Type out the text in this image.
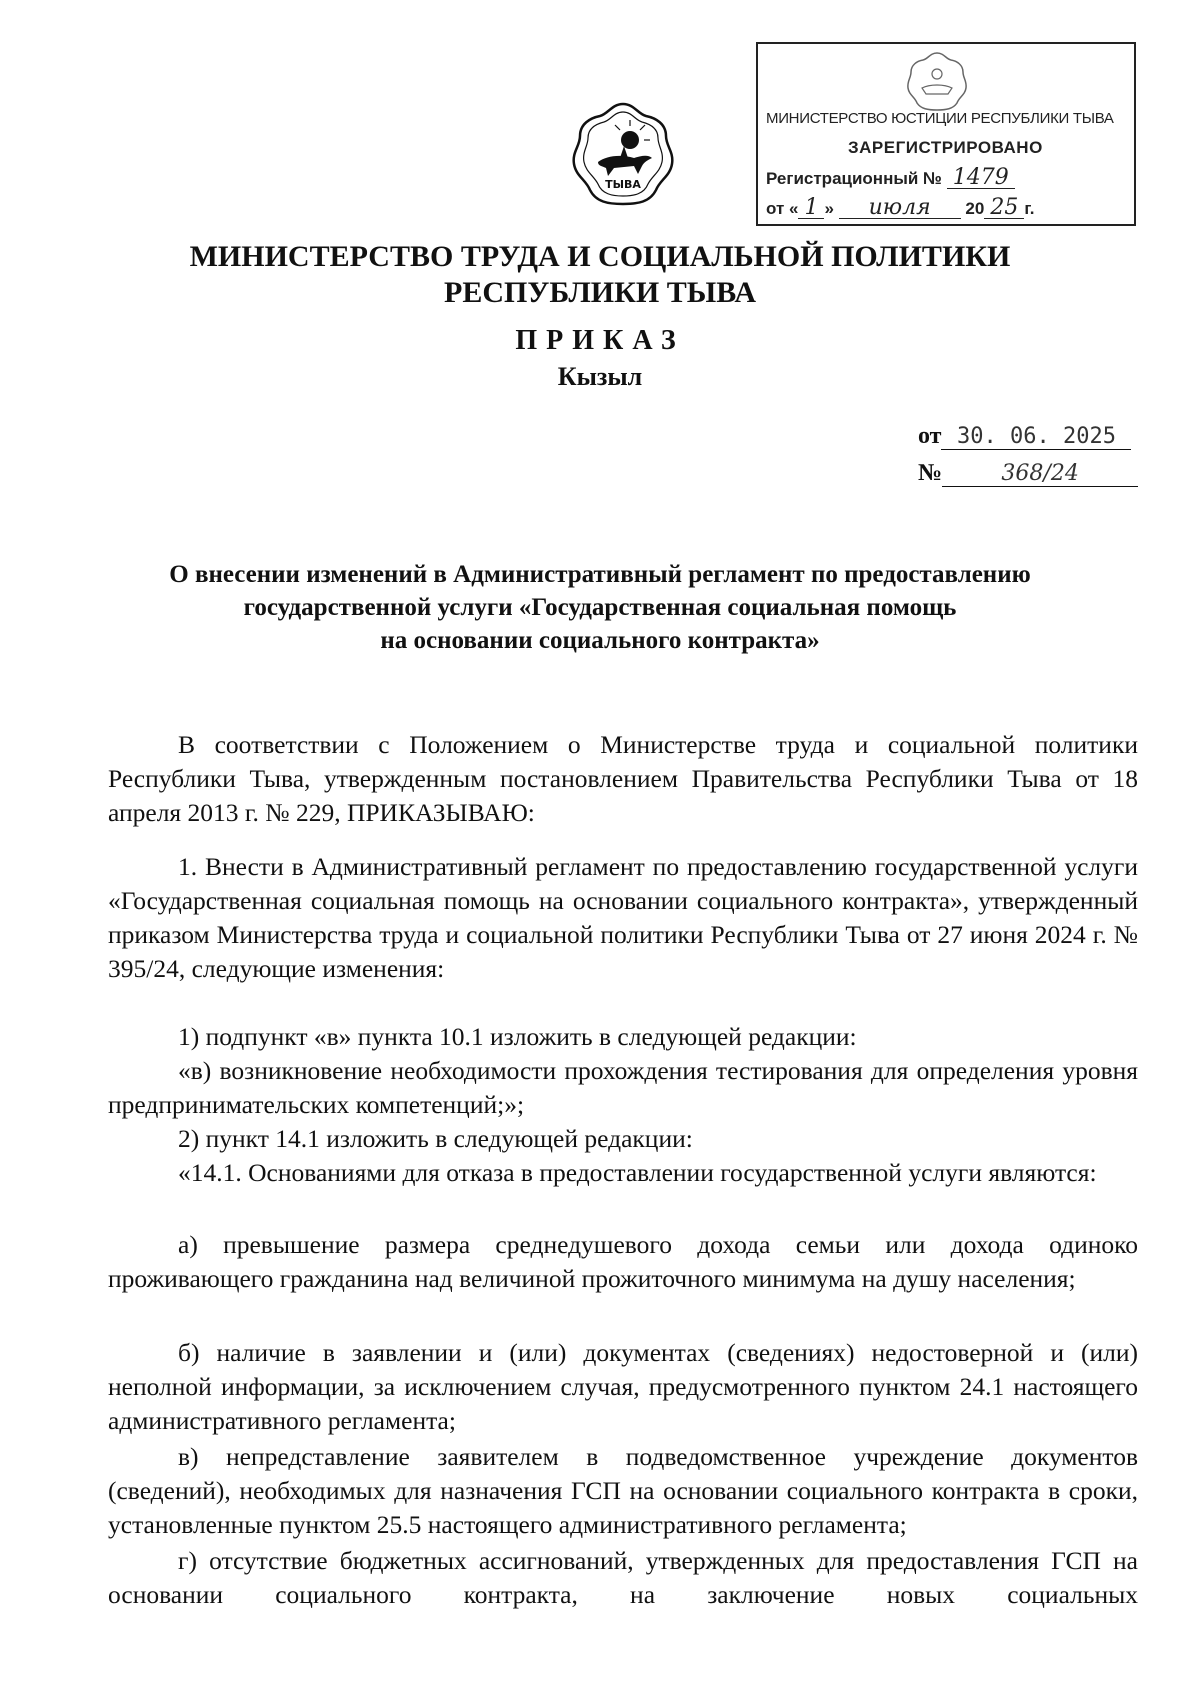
ТЫВА
МИНИСТЕРСТВО ЮСТИЦИИ РЕСПУБЛИКИ ТЫВА
ЗАРЕГИСТРИРОВАНО
Регистрационный № 1479
от « 1 » июля 20 25 г.
МИНИСТЕРСТВО ТРУДА И СОЦИАЛЬНОЙ ПОЛИТИКИ
РЕСПУБЛИКИ ТЫВА
ПРИКАЗ
Кызыл
от 30. 06. 2025
№	368/24
О внесении изменений в Административный регламент по предоставлению
государственной услуги «Государственная социальная помощь
на основании социального контракта»
В соответствии с Положением о Министерстве труда и социальной политики Республики Тыва, утвержденным постановлением Правительства Республики Тыва от 18 апреля 2013 г. № 229, ПРИКАЗЫВАЮ:
1. Внести в Административный регламент по предоставлению государственной услуги «Государственная социальная помощь на основании социального контракта», утвержденный приказом Министерства труда и социальной политики Республики Тыва от 27 июня 2024 г. № 395/24, следующие изменения:
1) подпункт «в» пункта 10.1 изложить в следующей редакции:
«в) возникновение необходимости прохождения тестирования для определения уровня предпринимательских компетенций;»;
2) пункт 14.1 изложить в следующей редакции:
«14.1. Основаниями для отказа в предоставлении государственной услуги являются:
а) превышение размера среднедушевого дохода семьи или дохода одиноко проживающего гражданина над величиной прожиточного минимума на душу населения;
б) наличие в заявлении и (или) документах (сведениях) недостоверной и (или) неполной информации, за исключением случая, предусмотренного пунктом 24.1 настоящего административного регламента;
в) непредставление заявителем в подведомственное учреждение документов (сведений), необходимых для назначения ГСП на основании социального контракта в сроки, установленные пунктом 25.5 настоящего административного регламента;
г) отсутствие бюджетных ассигнований, утвержденных для предоставления ГСП на основании социального контракта, на заключение новых социальных
